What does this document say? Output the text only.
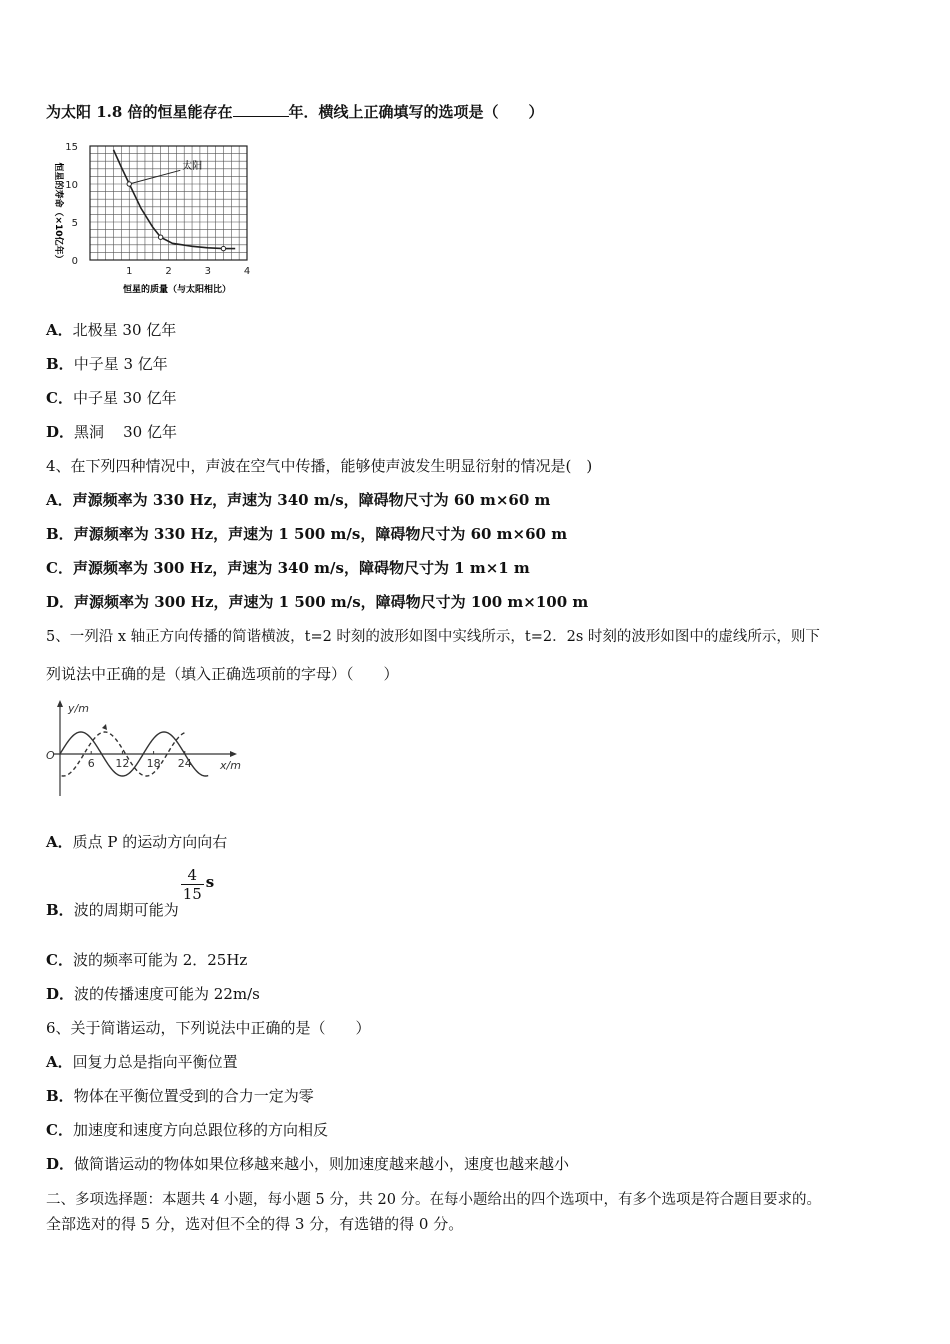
为太阳 1.8 倍的恒星能存在	年．横线上正确填写的选项是（　　）
恒星的寿命（×10亿年）
恒星的质量（与太阳相比）
1	2	3	4
0
5
10
15
太阳
A．北极星 30 亿年
B．中子星 3 亿年
C．中子星 30 亿年
D．黑洞    30 亿年
4、在下列四种情况中，声波在空气中传播，能够使声波发生明显衍射的情况是(　)
A．声源频率为 330 Hz，声速为 340 m/s，障碍物尺寸为 60 m×60 m
B．声源频率为 330 Hz，声速为 1 500 m/s，障碍物尺寸为 60 m×60 m
C．声源频率为 300 Hz，声速为 340 m/s，障碍物尺寸为 1 m×1 m
D．声源频率为 300 Hz，声速为 1 500 m/s，障碍物尺寸为 100 m×100 m
5、一列沿 x 轴正方向传播的简谐横波，t=2 时刻的波形如图中实线所示，t=2．2s 时刻的波形如图中的虚线所示，则下
列说法中正确的是（填入正确选项前的字母）（　　）
y/m
x/m
O
6 12 18 24
A．质点 P 的运动方向向右
B．波的周期可能为
$\frac{4}{15}$ s
C．波的频率可能为 2．25Hz
D．波的传播速度可能为 22m/s
6、关于简谐运动，下列说法中正确的是（　　）
A．回复力总是指向平衡位置
B．物体在平衡位置受到的合力一定为零
C．加速度和速度方向总跟位移的方向相反
D．做简谐运动的物体如果位移越来越小，则加速度越来越小，速度也越来越小
二、多项选择题：本题共 4 小题，每小题 5 分，共 20 分。在每小题给出的四个选项中，有多个选项是符合题目要求的。
全部选对的得 5 分，选对但不全的得 3 分，有选错的得 0 分。
